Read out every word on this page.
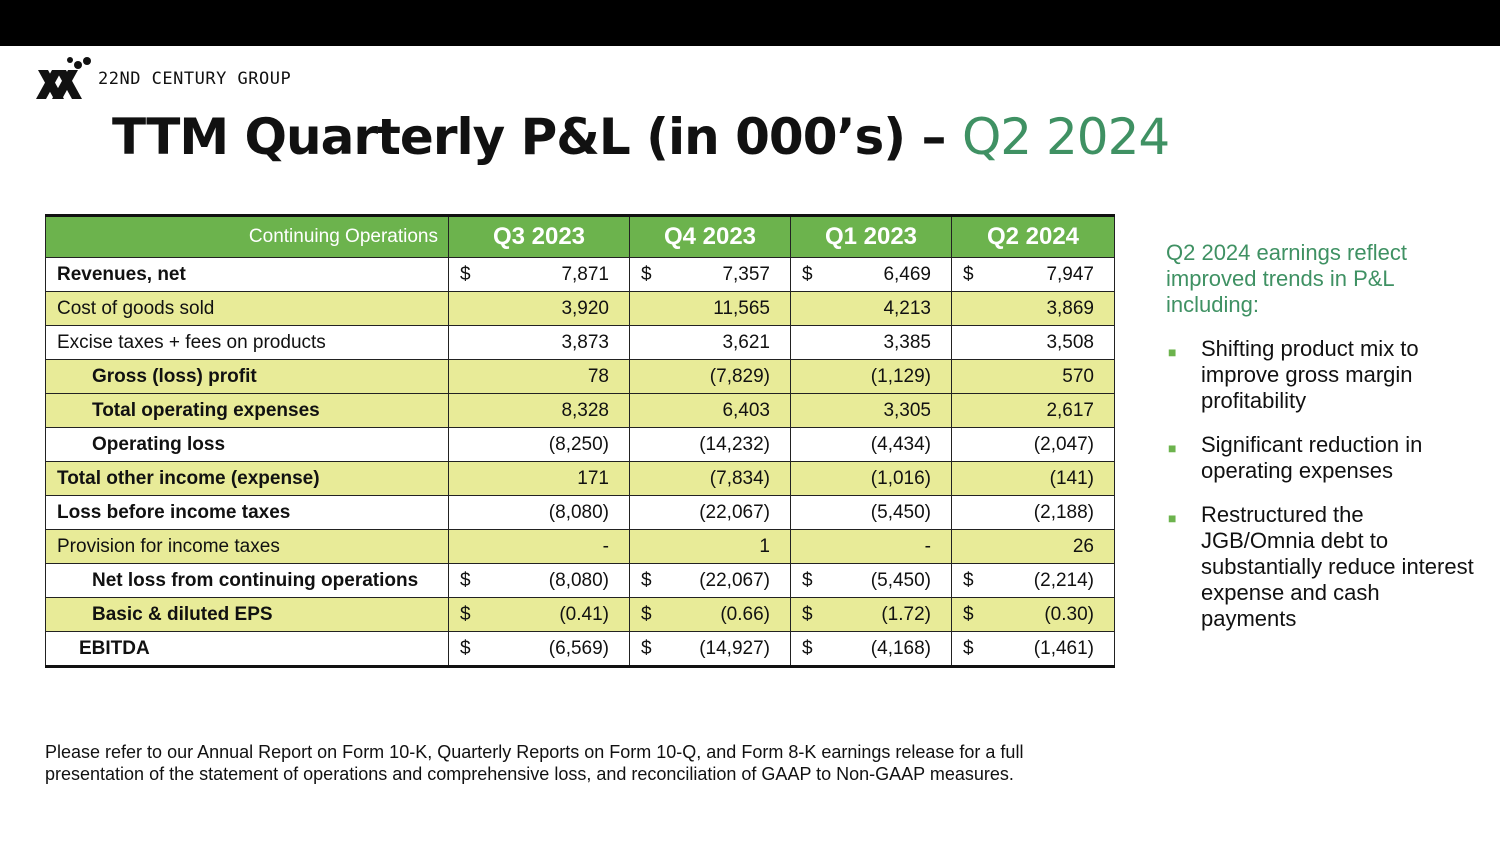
22ND CENTURY GROUP
TTM Quarterly P&L (in 000’s) – Q2 2024
Continuing Operations	Q3 2023	Q4 2023	Q1 2023	Q2 2024
Revenues, net	$ 7,871	$ 7,357	$ 6,469	$ 7,947
Cost of goods sold	3,920	11,565	4,213	3,869
Excise taxes + fees on products	3,873	3,621	3,385	3,508
Gross (loss) profit	78	(7,829)	(1,129)	570
Total operating expenses	8,328	6,403	3,305	2,617
Operating loss	(8,250)	(14,232)	(4,434)	(2,047)
Total other income (expense)	171	(7,834)	(1,016)	(141)
Loss before income taxes	(8,080)	(22,067)	(5,450)	(2,188)
Provision for income taxes	-	1	-	26
Net loss from continuing operations	$ (8,080)	$ (22,067)	$ (5,450)	$ (2,214)
Basic & diluted EPS	$ (0.41)	$ (0.66)	$ (1.72)	$ (0.30)
EBITDA	$ (6,569)	$ (14,927)	$ (4,168)	$ (1,461)

Q2 2024 earnings reflect improved trends in P&L including:

■ Shifting product mix to improve gross margin profitability
■ Significant reduction in operating expenses
■ Restructured the JGB/Omnia debt to substantially reduce interest expense and cash payments

Please refer to our Annual Report on Form 10-K, Quarterly Reports on Form 10-Q, and Form 8-K earnings release for a full presentation of the statement of operations and comprehensive loss, and reconciliation of GAAP to Non-GAAP measures.
